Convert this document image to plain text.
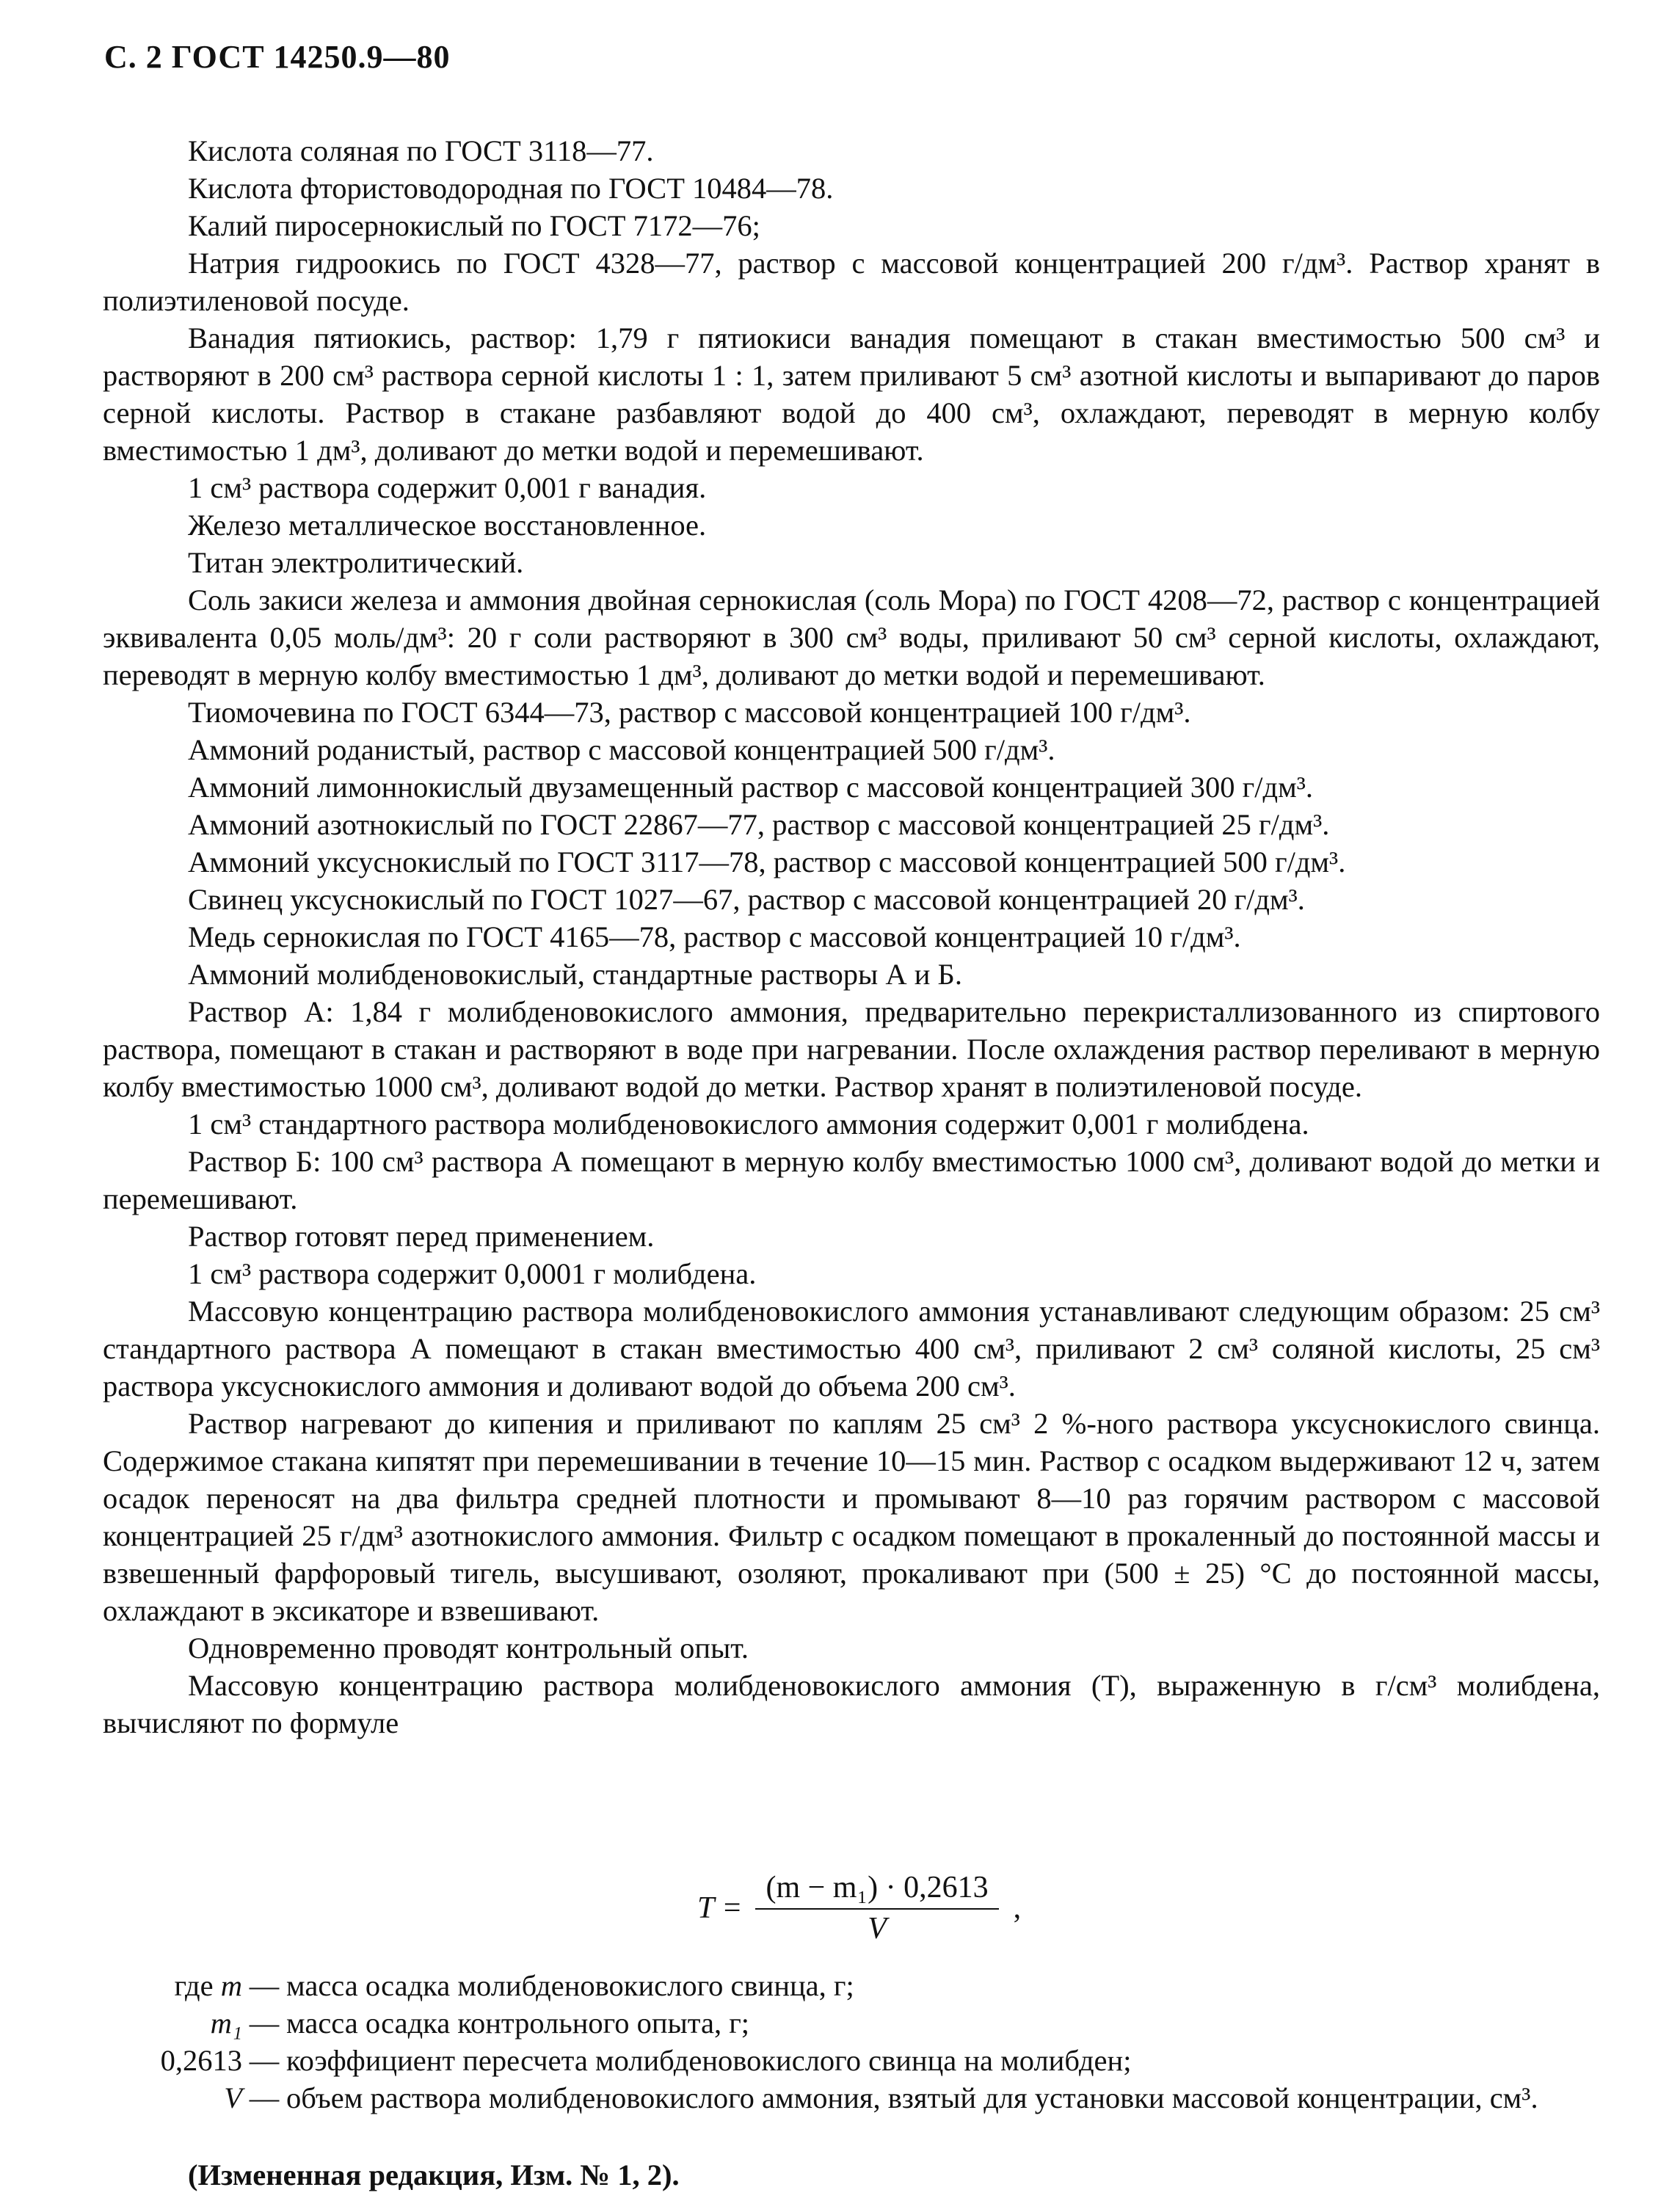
С. 2 ГОСТ 14250.9—80

Кислота соляная по ГОСТ 3118—77.

Кислота фтористоводородная по ГОСТ 10484—78.

Калий пиросернокислый по ГОСТ 7172—76;

Натрия гидроокись по ГОСТ 4328—77, раствор с массовой концентрацией 200 г/дм³. Раствор хранят в полиэтиленовой посуде.

Ванадия пятиокись, раствор: 1,79 г пятиокиси ванадия помещают в стакан вместимостью 500 см³ и растворяют в 200 см³ раствора серной кислоты 1 : 1, затем приливают 5 см³ азотной кислоты и выпаривают до паров серной кислоты. Раствор в стакане разбавляют водой до 400 см³, охлаждают, переводят в мерную колбу вместимостью 1 дм³, доливают до метки водой и перемешивают.

1 см³ раствора содержит 0,001 г ванадия.

Железо металлическое восстановленное.

Титан электролитический.

Соль закиси железа и аммония двойная сернокислая (соль Мора) по ГОСТ 4208—72, раствор с концентрацией эквивалента 0,05 моль/дм³: 20 г соли растворяют в 300 см³ воды, приливают 50 см³ серной кислоты, охлаждают, переводят в мерную колбу вместимостью 1 дм³, доливают до метки водой и перемешивают.

Тиомочевина по ГОСТ 6344—73, раствор с массовой концентрацией 100 г/дм³.

Аммоний роданистый, раствор с массовой концентрацией 500 г/дм³.

Аммоний лимоннокислый двузамещенный раствор с массовой концентрацией 300 г/дм³.

Аммоний азотнокислый по ГОСТ 22867—77, раствор с массовой концентрацией 25 г/дм³.

Аммоний уксуснокислый по ГОСТ 3117—78, раствор с массовой концентрацией 500 г/дм³.

Свинец уксуснокислый по ГОСТ 1027—67, раствор с массовой концентрацией 20 г/дм³.

Медь сернокислая по ГОСТ 4165—78, раствор с массовой концентрацией 10 г/дм³.

Аммоний молибденовокислый, стандартные растворы А и Б.

Раствор А: 1,84 г молибденовокислого аммония, предварительно перекристаллизованного из спиртового раствора, помещают в стакан и растворяют в воде при нагревании. После охлаждения раствор переливают в мерную колбу вместимостью 1000 см³, доливают водой до метки. Раствор хранят в полиэтиленовой посуде.

1 см³ стандартного раствора молибденовокислого аммония содержит 0,001 г молибдена.

Раствор Б: 100 см³ раствора А помещают в мерную колбу вместимостью 1000 см³, доливают водой до метки и перемешивают.

Раствор готовят перед применением.

1 см³ раствора содержит 0,0001 г молибдена.

Массовую концентрацию раствора молибденовокислого аммония устанавливают следующим образом: 25 см³ стандартного раствора А помещают в стакан вместимостью 400 см³, приливают 2 см³ соляной кислоты, 25 см³ раствора уксуснокислого аммония и доливают водой до объема 200 см³.

Раствор нагревают до кипения и приливают по каплям 25 см³ 2 %-ного раствора уксуснокислого свинца. Содержимое стакана кипятят при перемешивании в течение 10—15 мин. Раствор с осадком выдерживают 12 ч, затем осадок переносят на два фильтра средней плотности и промывают 8—10 раз горячим раствором с массовой концентрацией 25 г/дм³ азотнокислого аммония. Фильтр с осадком помещают в прокаленный до постоянной массы и взвешенный фарфоровый тигель, высушивают, озоляют, прокаливают при (500 ± 25) °С до постоянной массы, охлаждают в эксикаторе и взвешивают.

Одновременно проводят контрольный опыт.

Массовую концентрацию раствора молибденовокислого аммония (Т), выраженную в г/см³ молибдена, вычисляют по формуле

$T = \frac{\text{(m − m₁) · 0,2613}}{V}$ ,
где m — масса осадка молибденовокислого свинца, г;
m₁ — масса осадка контрольного опыта, г;
0,2613 — коэффициент пересчета молибденовокислого свинца на молибден;
V — объем раствора молибденовокислого аммония, взятый для установки массовой концентрации, см³.
(Измененная редакция, Изм. № 1, 2).
